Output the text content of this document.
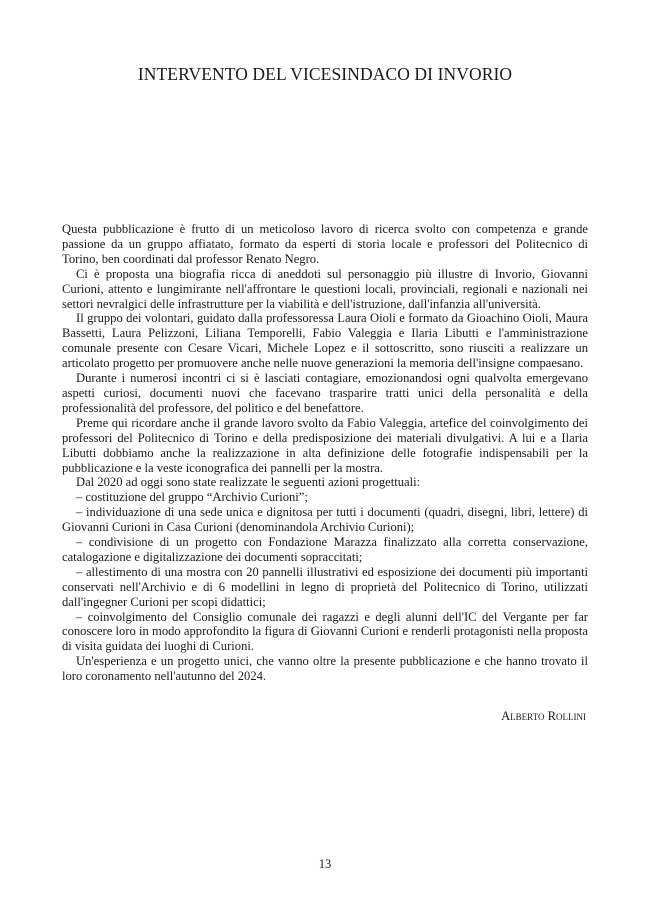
INTERVENTO DEL VICESINDACO DI INVORIO

Questa pubblicazione è frutto di un meticoloso lavoro di ricerca svolto con competenza e grande passione da un gruppo affiatato, formato da esperti di storia locale e professori del Politecnico di Torino, ben coordinati dal professor Renato Negro.

Ci è proposta una biografia ricca di aneddoti sul personaggio più illustre di Invorio, Giovanni Curioni, attento e lungimirante nell'affrontare le questioni locali, provinciali, regionali e nazionali nei settori nevralgici delle infrastrutture per la viabilità e dell'istruzione, dall'infanzia all'università.

Il gruppo dei volontari, guidato dalla professoressa Laura Oioli e formato da Gioachino Oioli, Maura Bassetti, Laura Pelizzoni, Liliana Temporelli, Fabio Valeggia e Ilaria Libutti e l'amministrazione comunale presente con Cesare Vicari, Michele Lopez e il sottoscritto, sono riusciti a realizzare un articolato progetto per promuovere anche nelle nuove generazioni la memoria dell'insigne compaesano.

Durante i numerosi incontri ci si è lasciati contagiare, emozionandosi ogni qualvolta emergevano aspetti curiosi, documenti nuovi che facevano trasparire tratti unici della personalità e della professionalità del professore, del politico e del benefattore.

Preme qui ricordare anche il grande lavoro svolto da Fabio Valeggia, artefice del coinvolgimento dei professori del Politecnico di Torino e della predisposizione dei materiali divulgativi. A lui e a Ilaria Libutti dobbiamo anche la realizzazione in alta definizione delle fotografie indispensabili per la pubblicazione e la veste iconografica dei pannelli per la mostra.

Dal 2020 ad oggi sono state realizzate le seguenti azioni progettuali:

– costituzione del gruppo “Archivio Curioni”;

– individuazione di una sede unica e dignitosa per tutti i documenti (quadri, disegni, libri, lettere) di Giovanni Curioni in Casa Curioni (denominandola Archivio Curioni);

– condivisione di un progetto con Fondazione Marazza finalizzato alla corretta conservazione, catalogazione e digitalizzazione dei documenti sopraccitati;

– allestimento di una mostra con 20 pannelli illustrativi ed esposizione dei documenti più importanti conservati nell'Archivio e di 6 modellini in legno di proprietà del Politecnico di Torino, utilizzati dall'ingegner Curioni per scopi didattici;

– coinvolgimento del Consiglio comunale dei ragazzi e degli alunni dell'IC del Vergante per far conoscere loro in modo approfondito la figura di Giovanni Curioni e renderli protagonisti nella proposta di visita guidata dei luoghi di Curioni.

Un'esperienza e un progetto unici, che vanno oltre la presente pubblicazione e che hanno trovato il loro coronamento nell'autunno del 2024.

Alberto Rollini
13
